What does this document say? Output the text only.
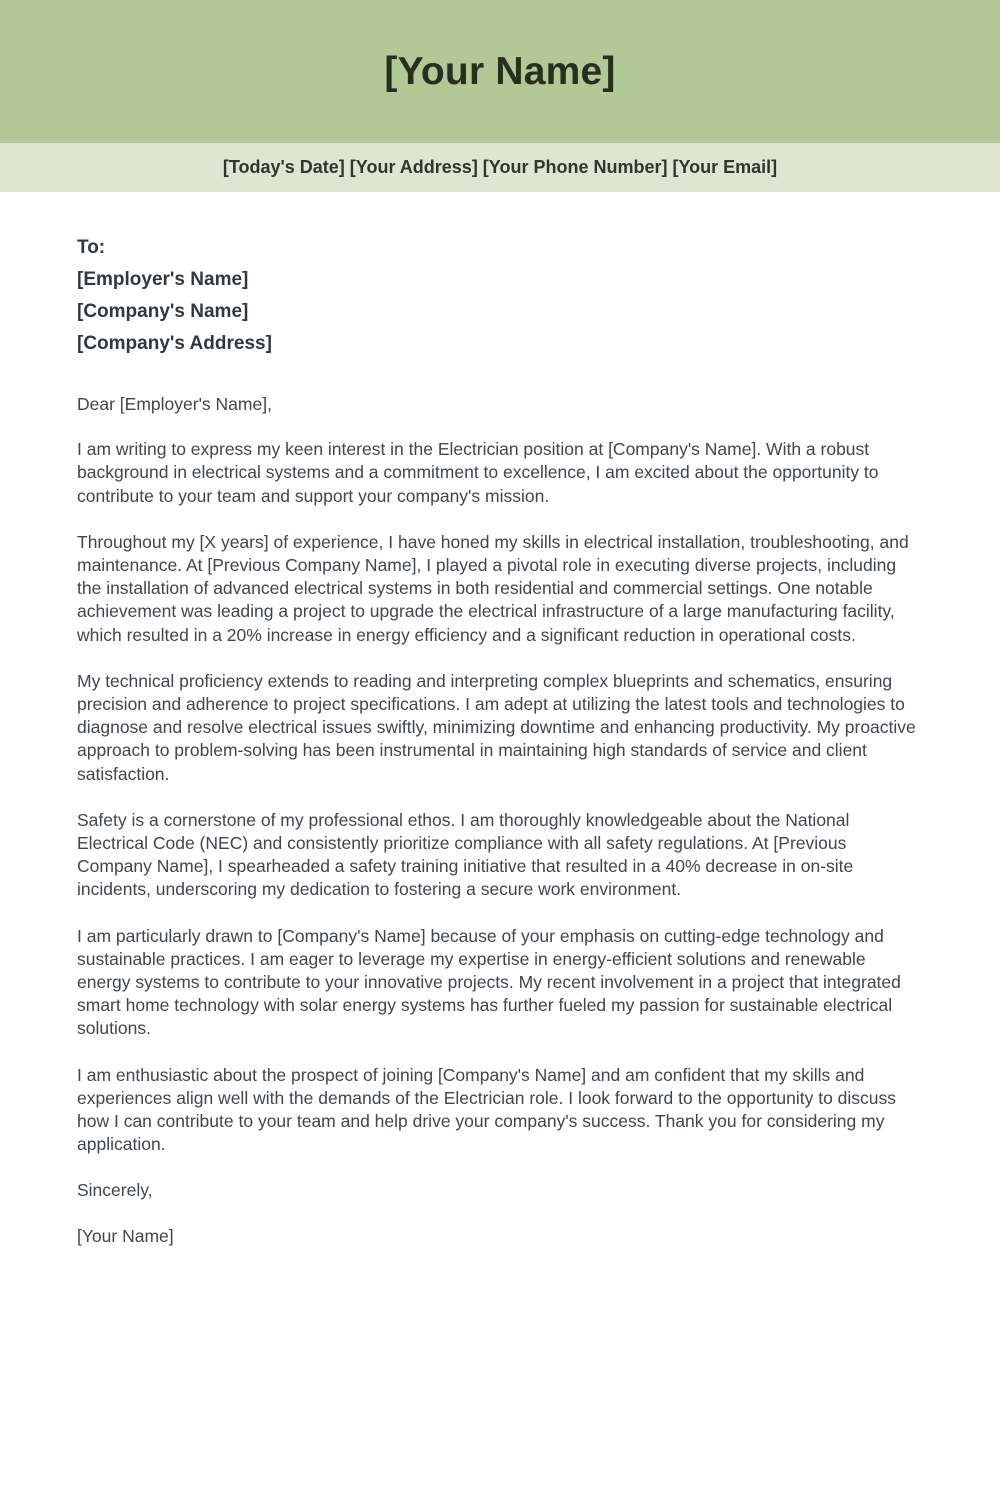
[Your Name]
[Today's Date] [Your Address] [Your Phone Number] [Your Email]
To:
[Employer's Name]
[Company's Name]
[Company's Address]

Dear [Employer's Name],

I am writing to express my keen interest in the Electrician position at [Company's Name]. With a robust background in electrical systems and a commitment to excellence, I am excited about the opportunity to contribute to your team and support your company's mission.

Throughout my [X years] of experience, I have honed my skills in electrical installation, troubleshooting, and maintenance. At [Previous Company Name], I played a pivotal role in executing diverse projects, including the installation of advanced electrical systems in both residential and commercial settings. One notable achievement was leading a project to upgrade the electrical infrastructure of a large manufacturing facility, which resulted in a 20% increase in energy efficiency and a significant reduction in operational costs.

My technical proficiency extends to reading and interpreting complex blueprints and schematics, ensuring precision and adherence to project specifications. I am adept at utilizing the latest tools and technologies to diagnose and resolve electrical issues swiftly, minimizing downtime and enhancing productivity. My proactive approach to problem-solving has been instrumental in maintaining high standards of service and client satisfaction.

Safety is a cornerstone of my professional ethos. I am thoroughly knowledgeable about the National Electrical Code (NEC) and consistently prioritize compliance with all safety regulations. At [Previous Company Name], I spearheaded a safety training initiative that resulted in a 40% decrease in on-site incidents, underscoring my dedication to fostering a secure work environment.

I am particularly drawn to [Company's Name] because of your emphasis on cutting-edge technology and sustainable practices. I am eager to leverage my expertise in energy-efficient solutions and renewable energy systems to contribute to your innovative projects. My recent involvement in a project that integrated smart home technology with solar energy systems has further fueled my passion for sustainable electrical solutions.

I am enthusiastic about the prospect of joining [Company's Name] and am confident that my skills and experiences align well with the demands of the Electrician role. I look forward to the opportunity to discuss how I can contribute to your team and help drive your company's success. Thank you for considering my application.

Sincerely,

[Your Name]
